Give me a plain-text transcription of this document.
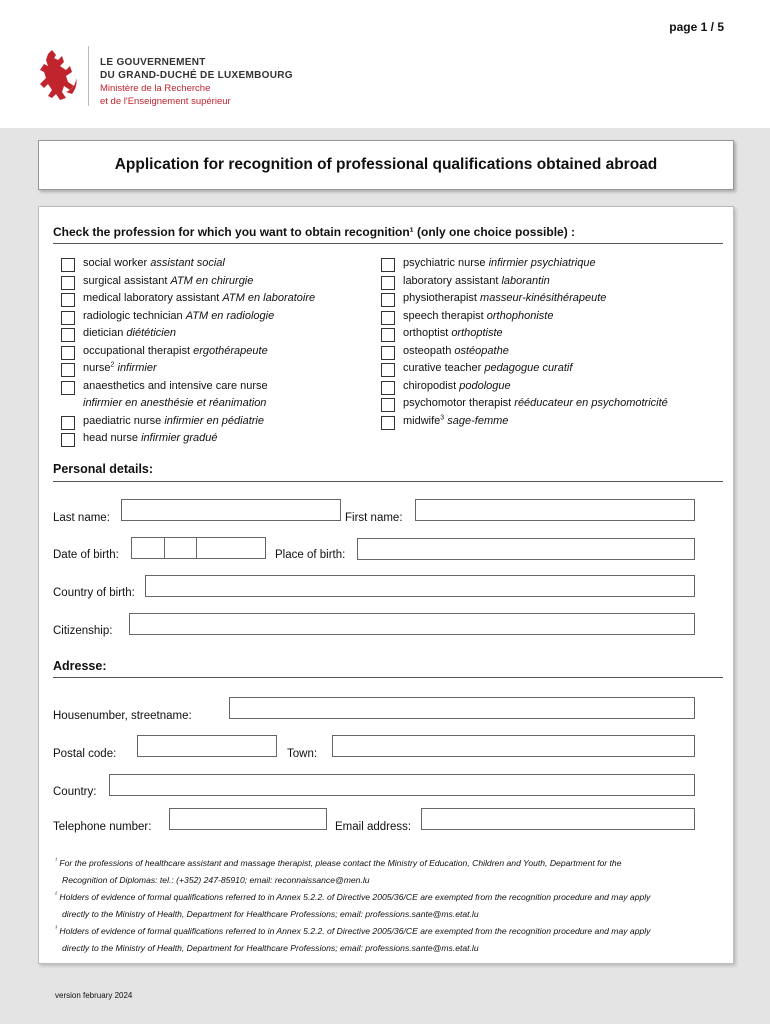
page 1 / 5
LE GOUVERNEMENT
DU GRAND-DUCHÉ DE LUXEMBOURG
Ministère de la Recherche
et de l'Enseignement supérieur
Application for recognition of professional qualifications obtained abroad
Check the profession for which you want to obtain recognition¹ (only one choice possible) :
social worker assistant social
surgical assistant ATM en chirurgie
medical laboratory assistant ATM en laboratoire
radiologic technician ATM en radiologie
dietician diététicien
occupational therapist ergothérapeute
nurse$^2$ infirmier
anaesthetics and intensive care nurse
infirmier en anesthésie et réanimation
paediatric nurse infirmier en pédiatrie
head nurse infirmier gradué
psychiatric nurse infirmier psychiatrique
laboratory assistant laborantin
physiotherapist masseur-kinésithérapeute
speech therapist orthophoniste
orthoptist orthoptiste
osteopath ostéopathe
curative teacher pedagogue curatif
chiropodist podologue
psychomotor therapist rééducateur en psychomotricité
midwife$^3$ sage-femme
Personal details:
Last name:	First name:
Date of birth:	Place of birth:
Country of birth:
Citizenship:
Adresse:
Housenumber, streetname:
Postal code:	Town:
Country:
Telephone number:	Email address:

$^{^1}$ For the professions of healthcare assistant and massage therapist, please contact the Ministry of Education, Children and Youth, Department for the
Recognition of Diplomas: tel.: (+352) 247-85910; email: reconnaissance@men.lu

$^{^2}$ Holders of evidence of formal qualifications referred to in Annex 5.2.2. of Directive 2005/36/CE are exempted from the recognition procedure and may apply
directly to the Ministry of Health, Department for Healthcare Professions; email: professions.sante@ms.etat.lu

$^{^3}$ Holders of evidence of formal qualifications referred to in Annex 5.2.2. of Directive 2005/36/CE are exempted from the recognition procedure and may apply
directly to the Ministry of Health, Department for Healthcare Professions; email: professions.sante@ms.etat.lu

version february 2024
